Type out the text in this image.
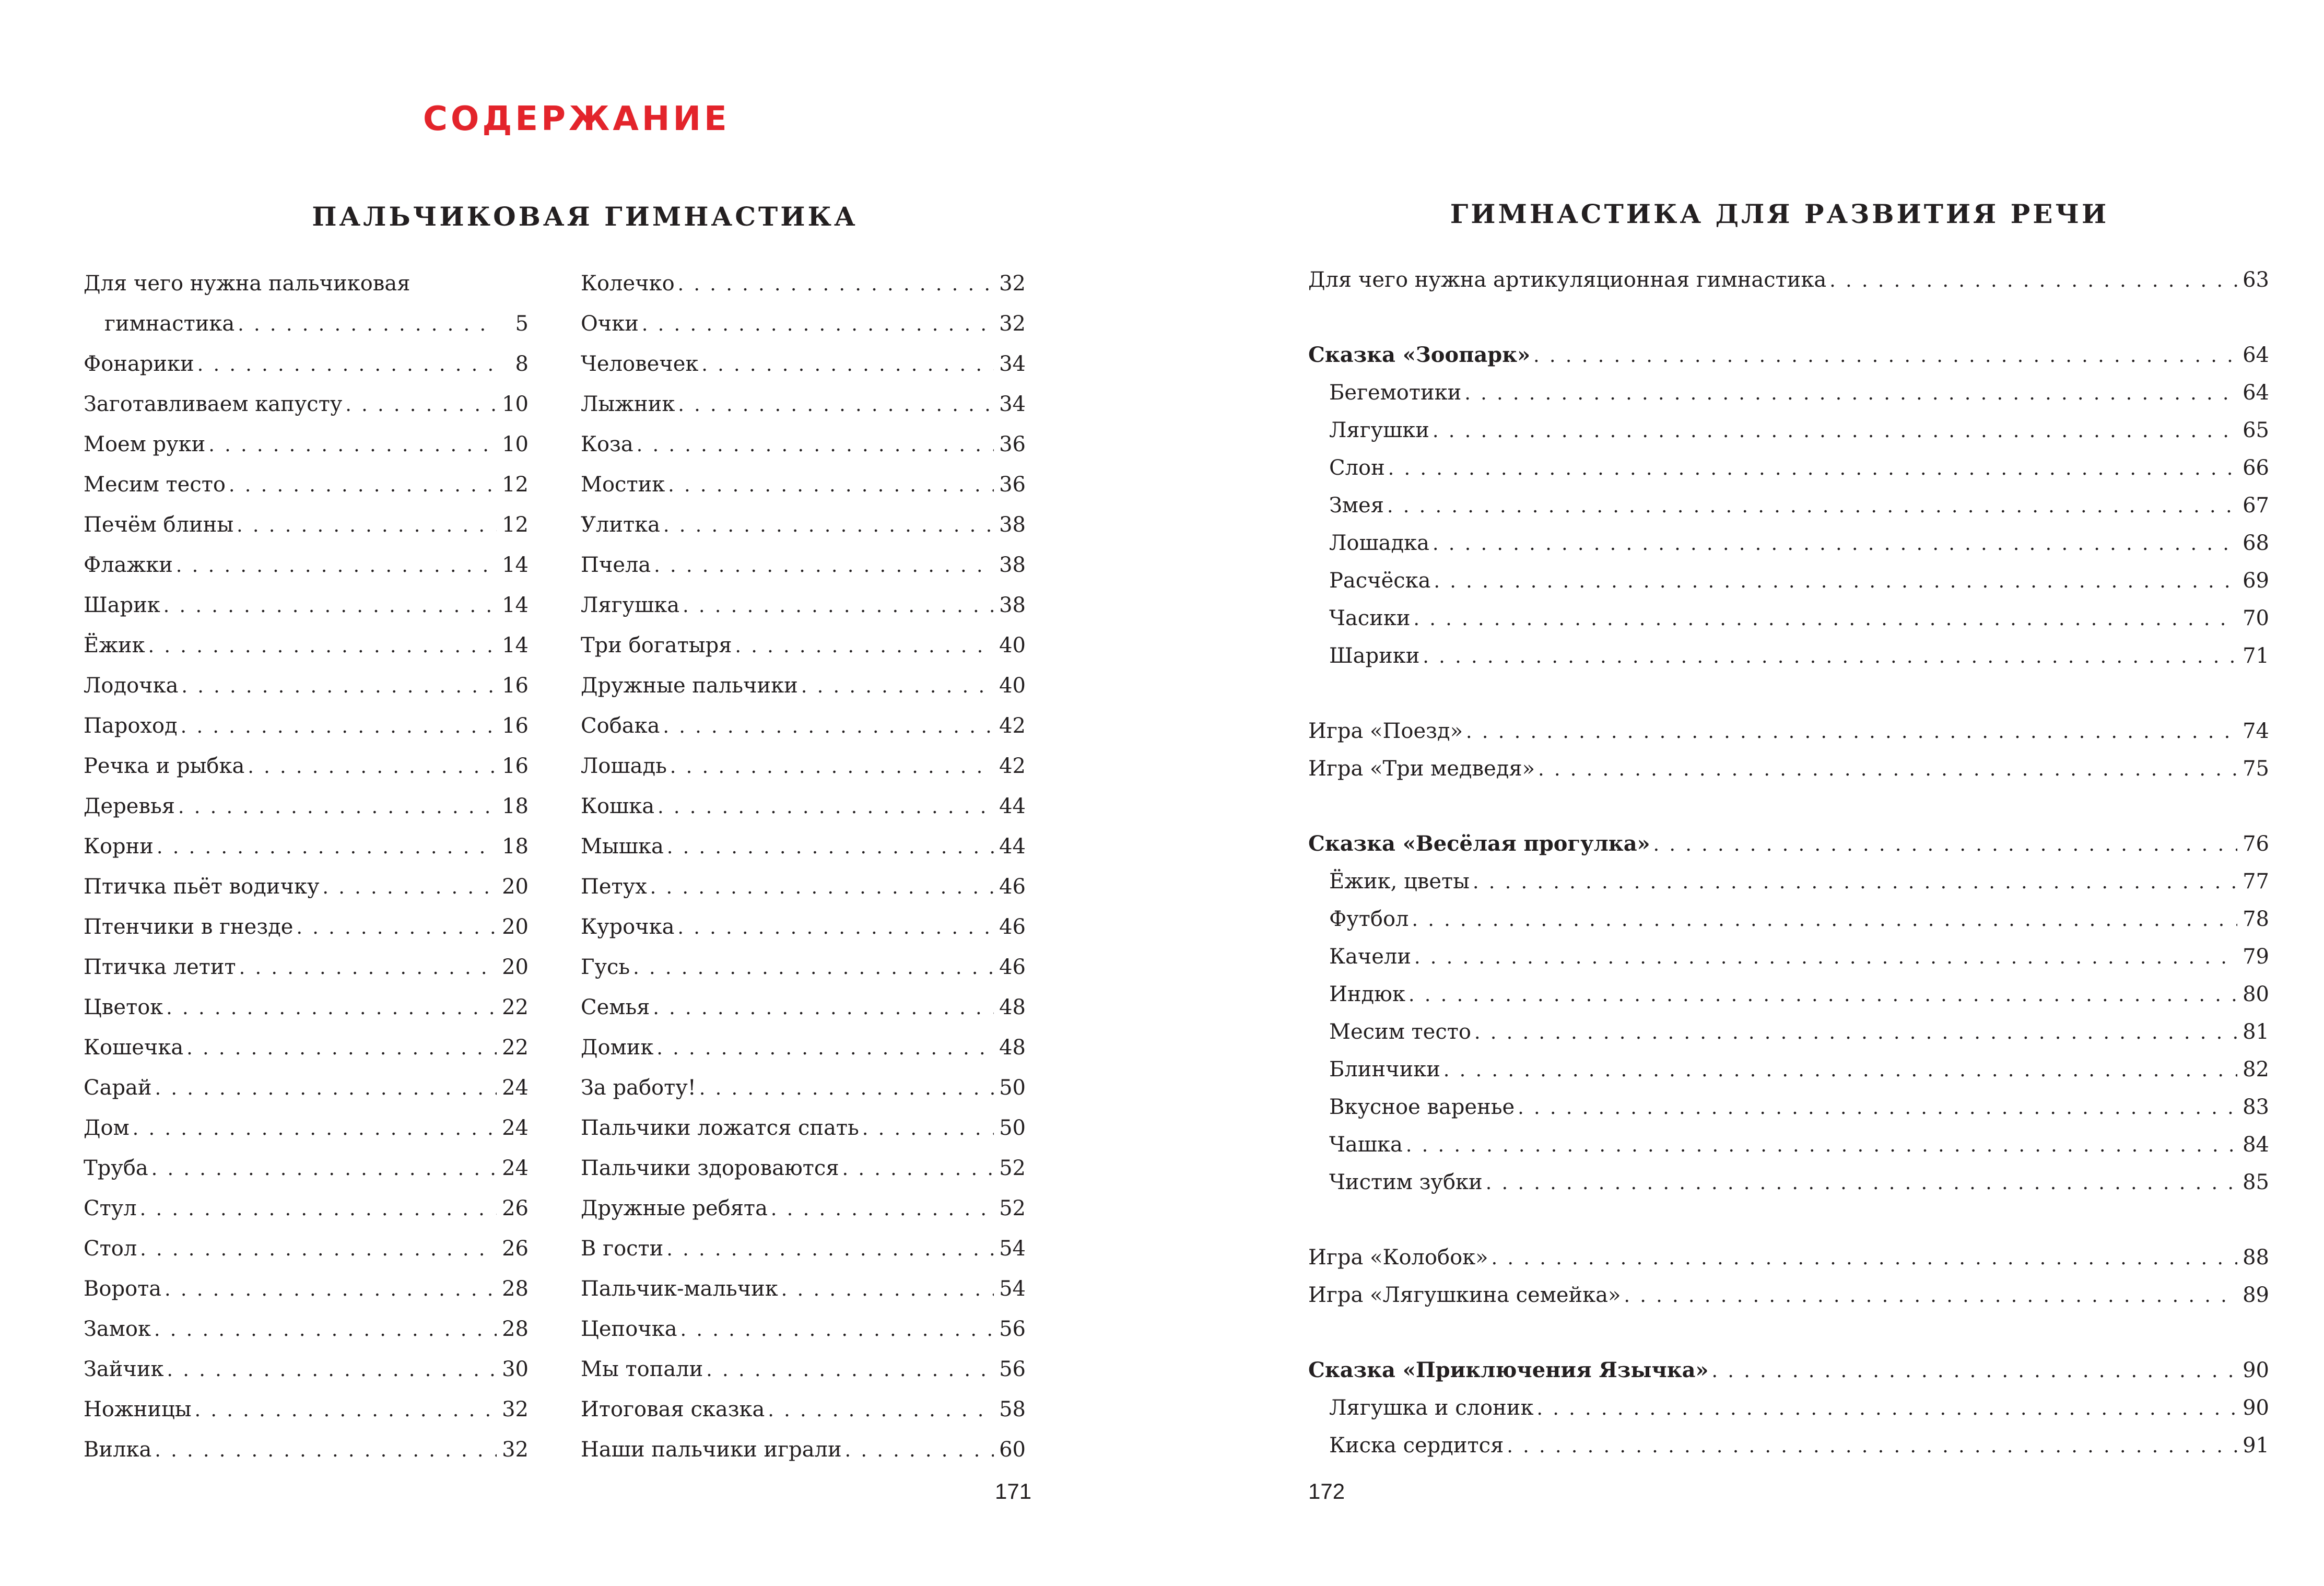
СОДЕРЖАНИЕ
ПАЛЬЧИКОВАЯ ГИМНАСТИКА
Для чего нужна пальчиковая
гимнастика . . .	5
Фонарики . . .	8
Заготавливаем капусту . . .	10
Моем руки . . .	10
Месим тесто . . .	12
Печём блины . . .	12
Флажки . . .	14
Шарик . . .	14
Ёжик . . .	14
Лодочка . . .	16
Пароход . . .	16
Речка и рыбка . . .	16
Деревья . . .	18
Корни . . .	18
Птичка пьёт водичку . . .	20
Птенчики в гнезде . . .	20
Птичка летит . . .	20
Цветок . . .	22
Кошечка . . .	22
Сарай . . .	24
Дом . . .	24
Труба . . .	24
Стул . . .	26
Стол . . .	26
Ворота . . .	28
Замок . . .	28
Зайчик . . .	30
Ножницы . . .	32
Вилка . . .	32
Колечко . . .	32
Очки . . .	32
Человечек . . .	34
Лыжник . . .	34
Коза . . .	36
Мостик . . .	36
Улитка . . .	38
Пчела . . .	38
Лягушка . . .	38
Три богатыря . . .	40
Дружные пальчики . . .	40
Собака . . .	42
Лошадь . . .	42
Кошка . . .	44
Мышка . . .	44
Петух . . .	46
Курочка . . .	46
Гусь . . .	46
Семья . . .	48
Домик . . .	48
За работу! . . .	50
Пальчики ложатся спать . . .	50
Пальчики здороваются . . .	52
Дружные ребята . . .	52
В гости . . .	54
Пальчик-мальчик . . .	54
Цепочка . . .	56
Мы топали . . .	56
Итоговая сказка . . .	58
Наши пальчики играли . . .	60

171

ГИМНАСТИКА ДЛЯ РАЗВИТИЯ РЕЧИ
Для чего нужна артикуляционная гимнастика . . .	63
Сказка «Зоопарк» . . .	64
Бегемотики . . .	64
Лягушки . . .	65
Слон . . .	66
Змея . . .	67
Лошадка . . .	68
Расчёска . . .	69
Часики . . .	70
Шарики . . .	71
Игра «Поезд» . . .	74
Игра «Три медведя» . . .	75
Сказка «Весёлая прогулка» . . .	76
Ёжик, цветы . . .	77
Футбол . . .	78
Качели . . .	79
Индюк . . .	80
Месим тесто . . .	81
Блинчики . . .	82
Вкусное варенье . . .	83
Чашка . . .	84
Чистим зубки . . .	85
Игра «Колобок» . . .	88
Игра «Лягушкина семейка» . . .	89
Сказка «Приключения Язычка» . . .	90
Лягушка и слоник . . .	90
Киска сердится . . .	91

172
